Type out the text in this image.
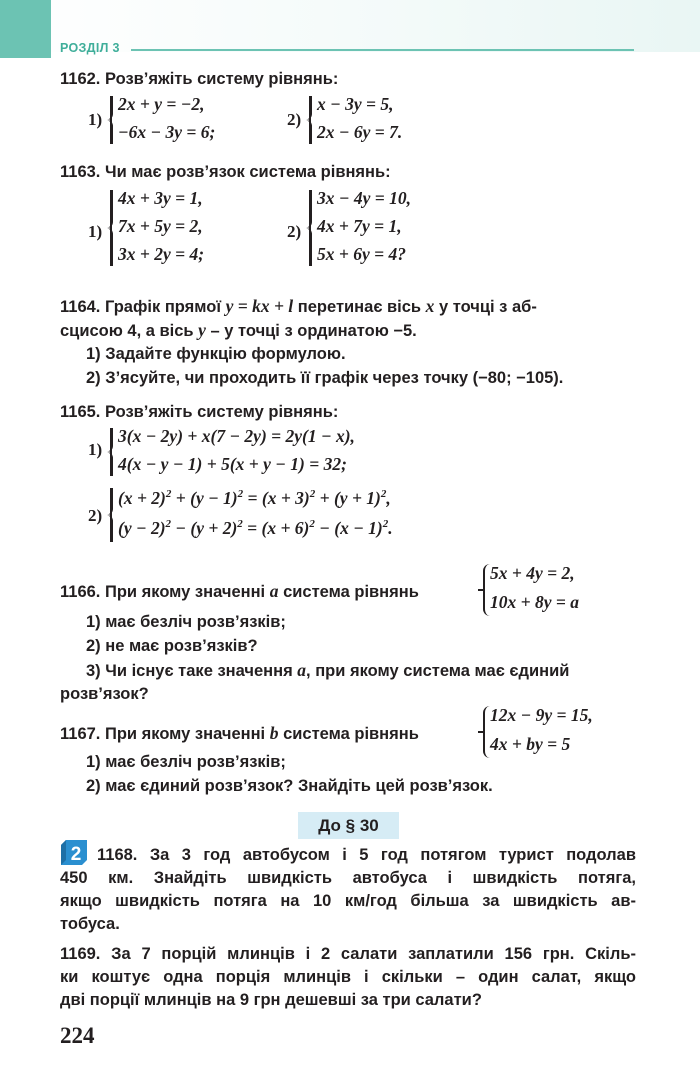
РОЗДІЛ 3
1162. Розв’яжіть систему рівнянь:
1)
2x + y = −2,
−6x − 3y = 6;
2)
x − 3y = 5,
2x − 6y = 7.
1163. Чи має розв’язок система рівнянь:
1)
4x + 3y = 1,
7x + 5y = 2,
3x + 2y = 4;
2)
3x − 4y = 10,
4x + 7y = 1,
5x + 6y = 4?
1164. Графік прямої y = kx + l перетинає вісь x у точці з аб-
сцисою 4, а вісь y – у точці з ординатою −5.
1) Задайте функцію формулою.
2) З’ясуйте, чи проходить її графік через точку (−80; −105).
1165. Розв’яжіть систему рівнянь:
1)
3(x − 2y) + x(7 − 2y) = 2y(1 − x),
4(x − y − 1) + 5(x + y − 1) = 32;
2)
$(x + 2)^2 + (y - 1)^2 = (x + 3)^2 + (y + 1)^2$,
$(y - 2)^2 - (y + 2)^2 = (x + 6)^2 - (x - 1)^2$.
1166. При якому значенні a система рівнянь
5x + 4y = 2,
10x + 8y = a
1) має безліч розв’язків;
2) не має розв’язків?
3) Чи існує таке значення a, при якому система має єдиний
розв’язок?
1167. При якому значенні b система рівнянь
12x − 9y = 15,
4x + by = 5
1) має безліч розв’язків;
2) має єдиний розв’язок? Знайдіть цей розв’язок.
До § 30
2 1168. За 3 год автобусом і 5 год потягом турист подолав
450 км. Знайдіть швидкість автобуса і швидкість потяга,
якщо швидкість потяга на 10 км/год більша за швидкість ав-
тобуса.
1169. За 7 порцій млинців і 2 салати заплатили 156 грн. Скіль-
ки коштує одна порція млинців і скільки – один салат, якщо
дві порції млинців на 9 грн дешевші за три салати?
224
